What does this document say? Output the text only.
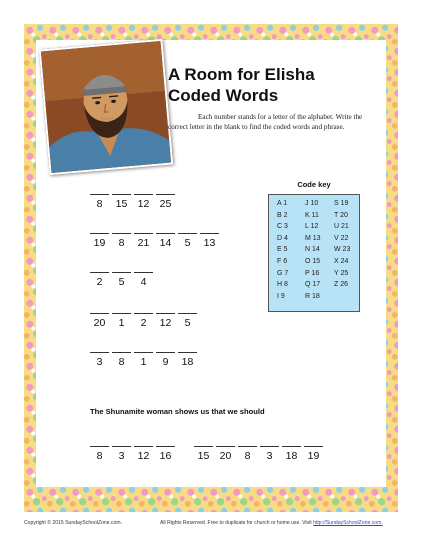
A Room for Elisha
Coded Words

Each number stands for a letter of the alphabet. Write the correct letter in the blank to find the coded words and phrase.

Code key
A 1
B 2
C 3
D 4
E 5
F 6
G 7
H 8
I 9
J 10
K 11
L 12
M 13
N 14
O 15
P 16
Q 17
R 18
S 19
T 20
U 21
V 22
W 23
X 24
Y 25
Z 26
8	15 12 25
19	8	21 14	5	13
2	5	4
20	1	2	12	5
3	8	1	9	18
The Shunamite woman shows us that we should
8	3	12 16	15 20	8	3	18 19
Copyright © 2015 SundaySchoolZone.com.	All Rights Reserved. Free to duplicate for church or home use. Visit http://SundaySchoolZone.com.
